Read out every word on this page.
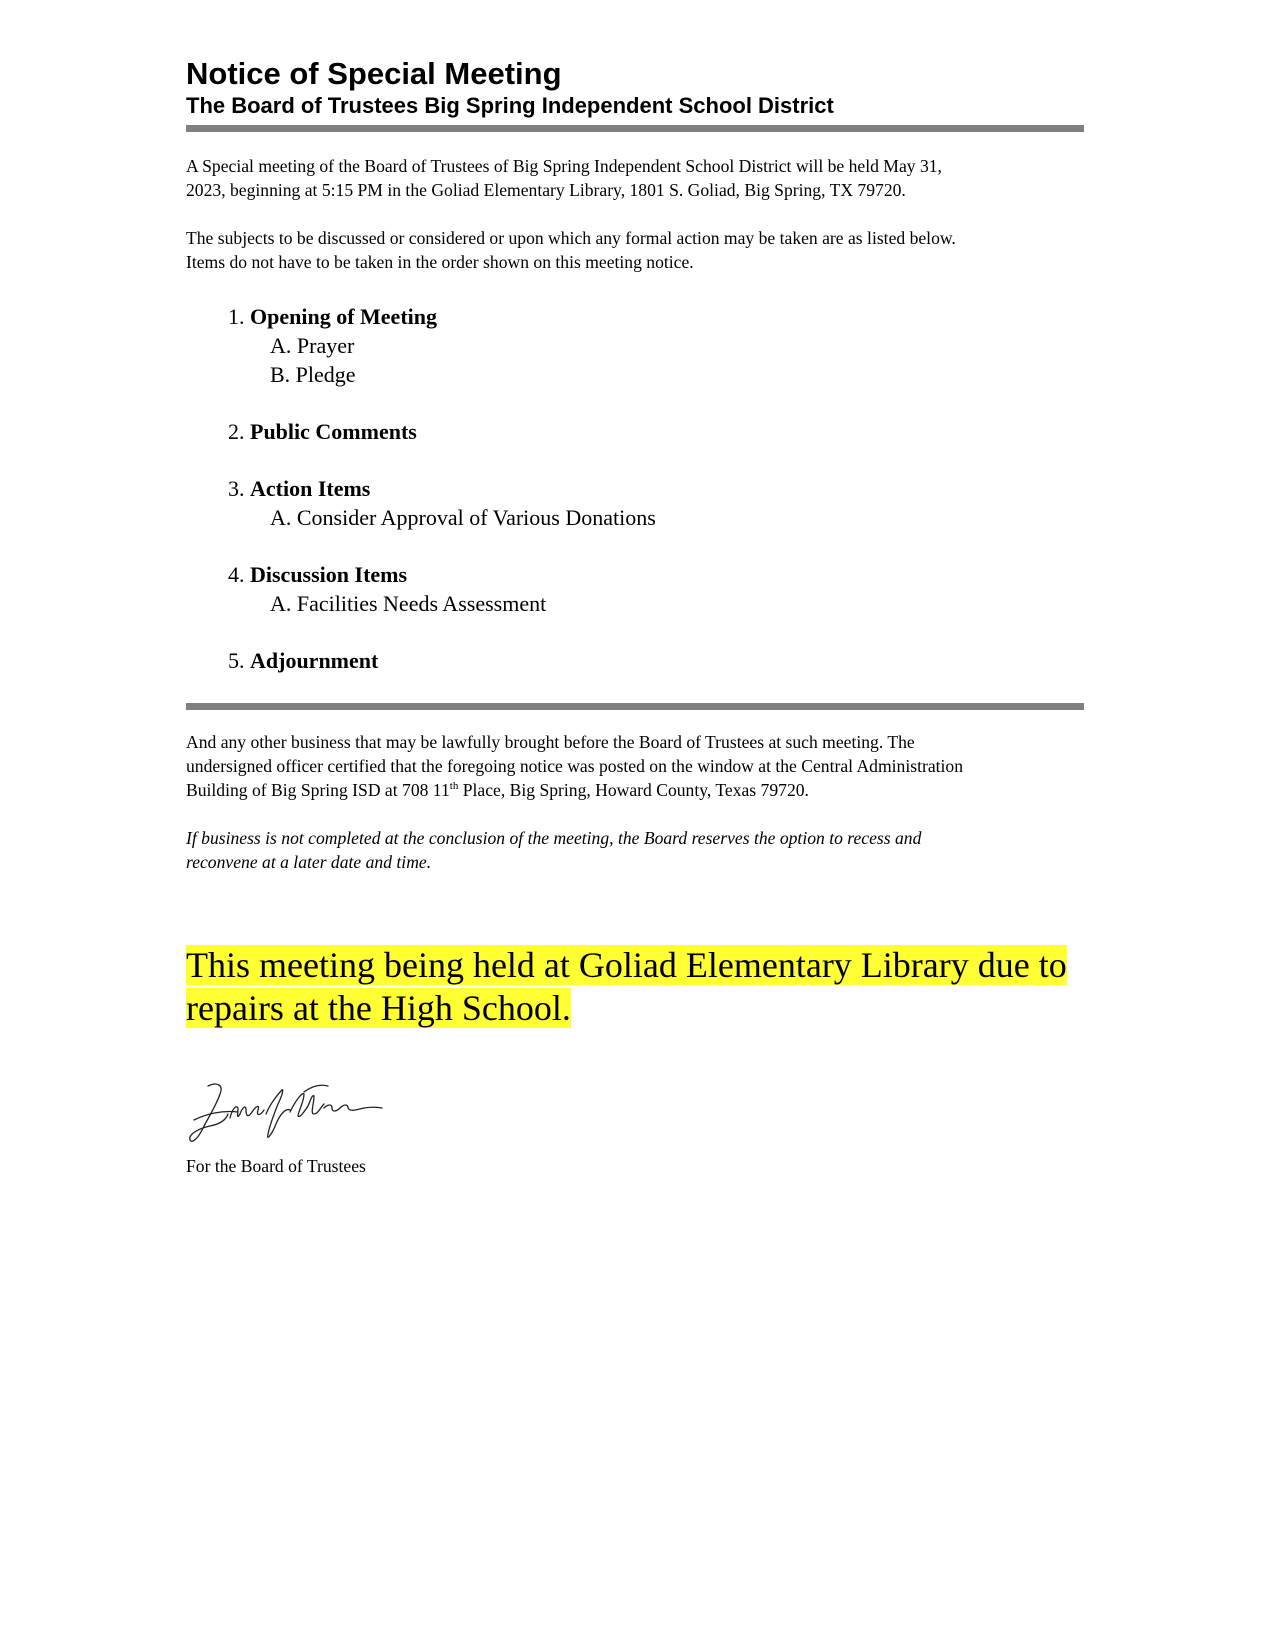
Notice of Special Meeting
The Board of Trustees Big Spring Independent School District

A Special meeting of the Board of Trustees of Big Spring Independent School District will be held May 31,
2023, beginning at 5:15 PM in the Goliad Elementary Library, 1801 S. Goliad, Big Spring, TX 79720.

The subjects to be discussed or considered or upon which any formal action may be taken are as listed below.
Items do not have to be taken in the order shown on this meeting notice.

1. Opening of Meeting
A. Prayer
B. Pledge
2. Public Comments
3. Action Items
A. Consider Approval of Various Donations
4. Discussion Items
A. Facilities Needs Assessment
5. Adjournment

And any other business that may be lawfully brought before the Board of Trustees at such meeting. The
undersigned officer certified that the foregoing notice was posted on the window at the Central Administration
Building of Big Spring ISD at 708 11th Place, Big Spring, Howard County, Texas 79720.

If business is not completed at the conclusion of the meeting, the Board reserves the option to recess and
reconvene at a later date and time.

This meeting being held at Goliad Elementary Library due to
repairs at the High School.

For the Board of Trustees
